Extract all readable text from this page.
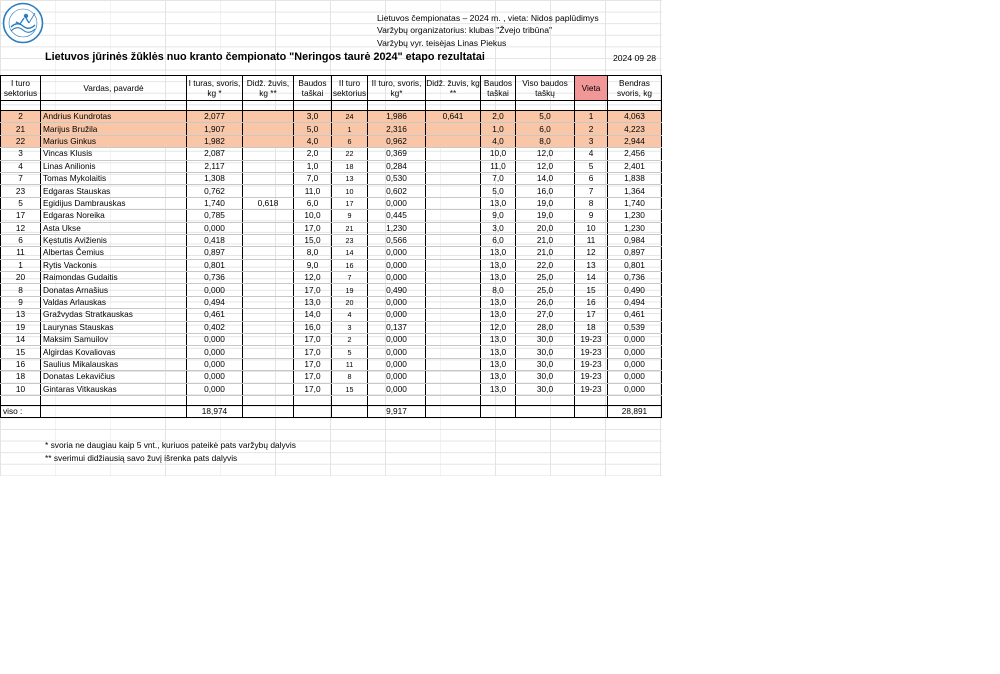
Lietuvos čempionatas – 2024 m. , vieta: Nidos paplūdimys
Varžybų organizatorius: klubas "Žvejo tribūna"
Varžybų vyr. teisėjas Linas Piekus
Lietuvos jūrinės žūklės nuo kranto čempionato "Neringos taurė 2024" etapo rezultatai	2024 09 28
I turo sektorius	Vardas, pavardė	I turas, svoris, kg *	Didž. žuvis, kg **	Baudos taškai	II turo sektorius	II turo, svoris, kg*	Didž. žuvis, kg **	Baudos taškai	Viso baudos taškų	Vieta	Bendras svoris, kg

2	Andrius Kundrotas	2,077		3,0	24	1,986	0,641	2,0	5,0	1	4,063
21	Marijus Bružila	1,907		5,0	1	2,316		1,0	6,0	2	4,223
22	Marius Ginkus	1,982		4,0	6	0,962		4,0	8,0	3	2,944
3	Vincas Klusis	2,087		2,0	22	0,369		10,0	12,0	4	2,456
4	Linas Anilionis	2,117		1,0	18	0,284		11,0	12,0	5	2,401
7	Tomas Mykolaitis	1,308		7,0	13	0,530		7,0	14,0	6	1,838
23	Edgaras Stauskas	0,762		11,0	10	0,602		5,0	16,0	7	1,364
5	Egidijus Dambrauskas	1,740	0,618	6,0	17	0,000		13,0	19,0	8	1,740
17	Edgaras Noreika	0,785		10,0	9	0,445		9,0	19,0	9	1,230
12	Asta Ukse	0,000		17,0	21	1,230		3,0	20,0	10	1,230
6	Kęstutis Avižienis	0,418		15,0	23	0,566		6,0	21,0	11	0,984
11	Albertas Čemius	0,897		8,0	14	0,000		13,0	21,0	12	0,897
1	Rytis Vackonis	0,801		9,0	16	0,000		13,0	22,0	13	0,801
20	Raimondas Gudaitis	0,736		12,0	7	0,000		13,0	25,0	14	0,736
8	Donatas Arnašius	0,000		17,0	19	0,490		8,0	25,0	15	0,490
9	Valdas Arlauskas	0,494		13,0	20	0,000		13,0	26,0	16	0,494
13	Gražvydas Stratkauskas	0,461		14,0	4	0,000		13,0	27,0	17	0,461
19	Laurynas Stauskas	0,402		16,0	3	0,137		12,0	28,0	18	0,539
14	Maksim Samuilov	0,000		17,0	2	0,000		13,0	30,0	19-23	0,000
15	Algirdas Kovaliovas	0,000		17,0	5	0,000		13,0	30,0	19-23	0,000
16	Saulius Mikalauskas	0,000		17,0	11	0,000		13,0	30,0	19-23	0,000
18	Donatas Lekavičius	0,000		17,0	8	0,000		13,0	30,0	19-23	0,000
10	Gintaras Vitkauskas	0,000		17,0	15	0,000		13,0	30,0	19-23	0,000

viso :		18,974				9,917					28,891
* svoria ne daugiau kaip 5 vnt., kuriuos pateikė pats varžybų dalyvis
** sverimui didžiausią savo žuvį išrenka pats dalyvis
